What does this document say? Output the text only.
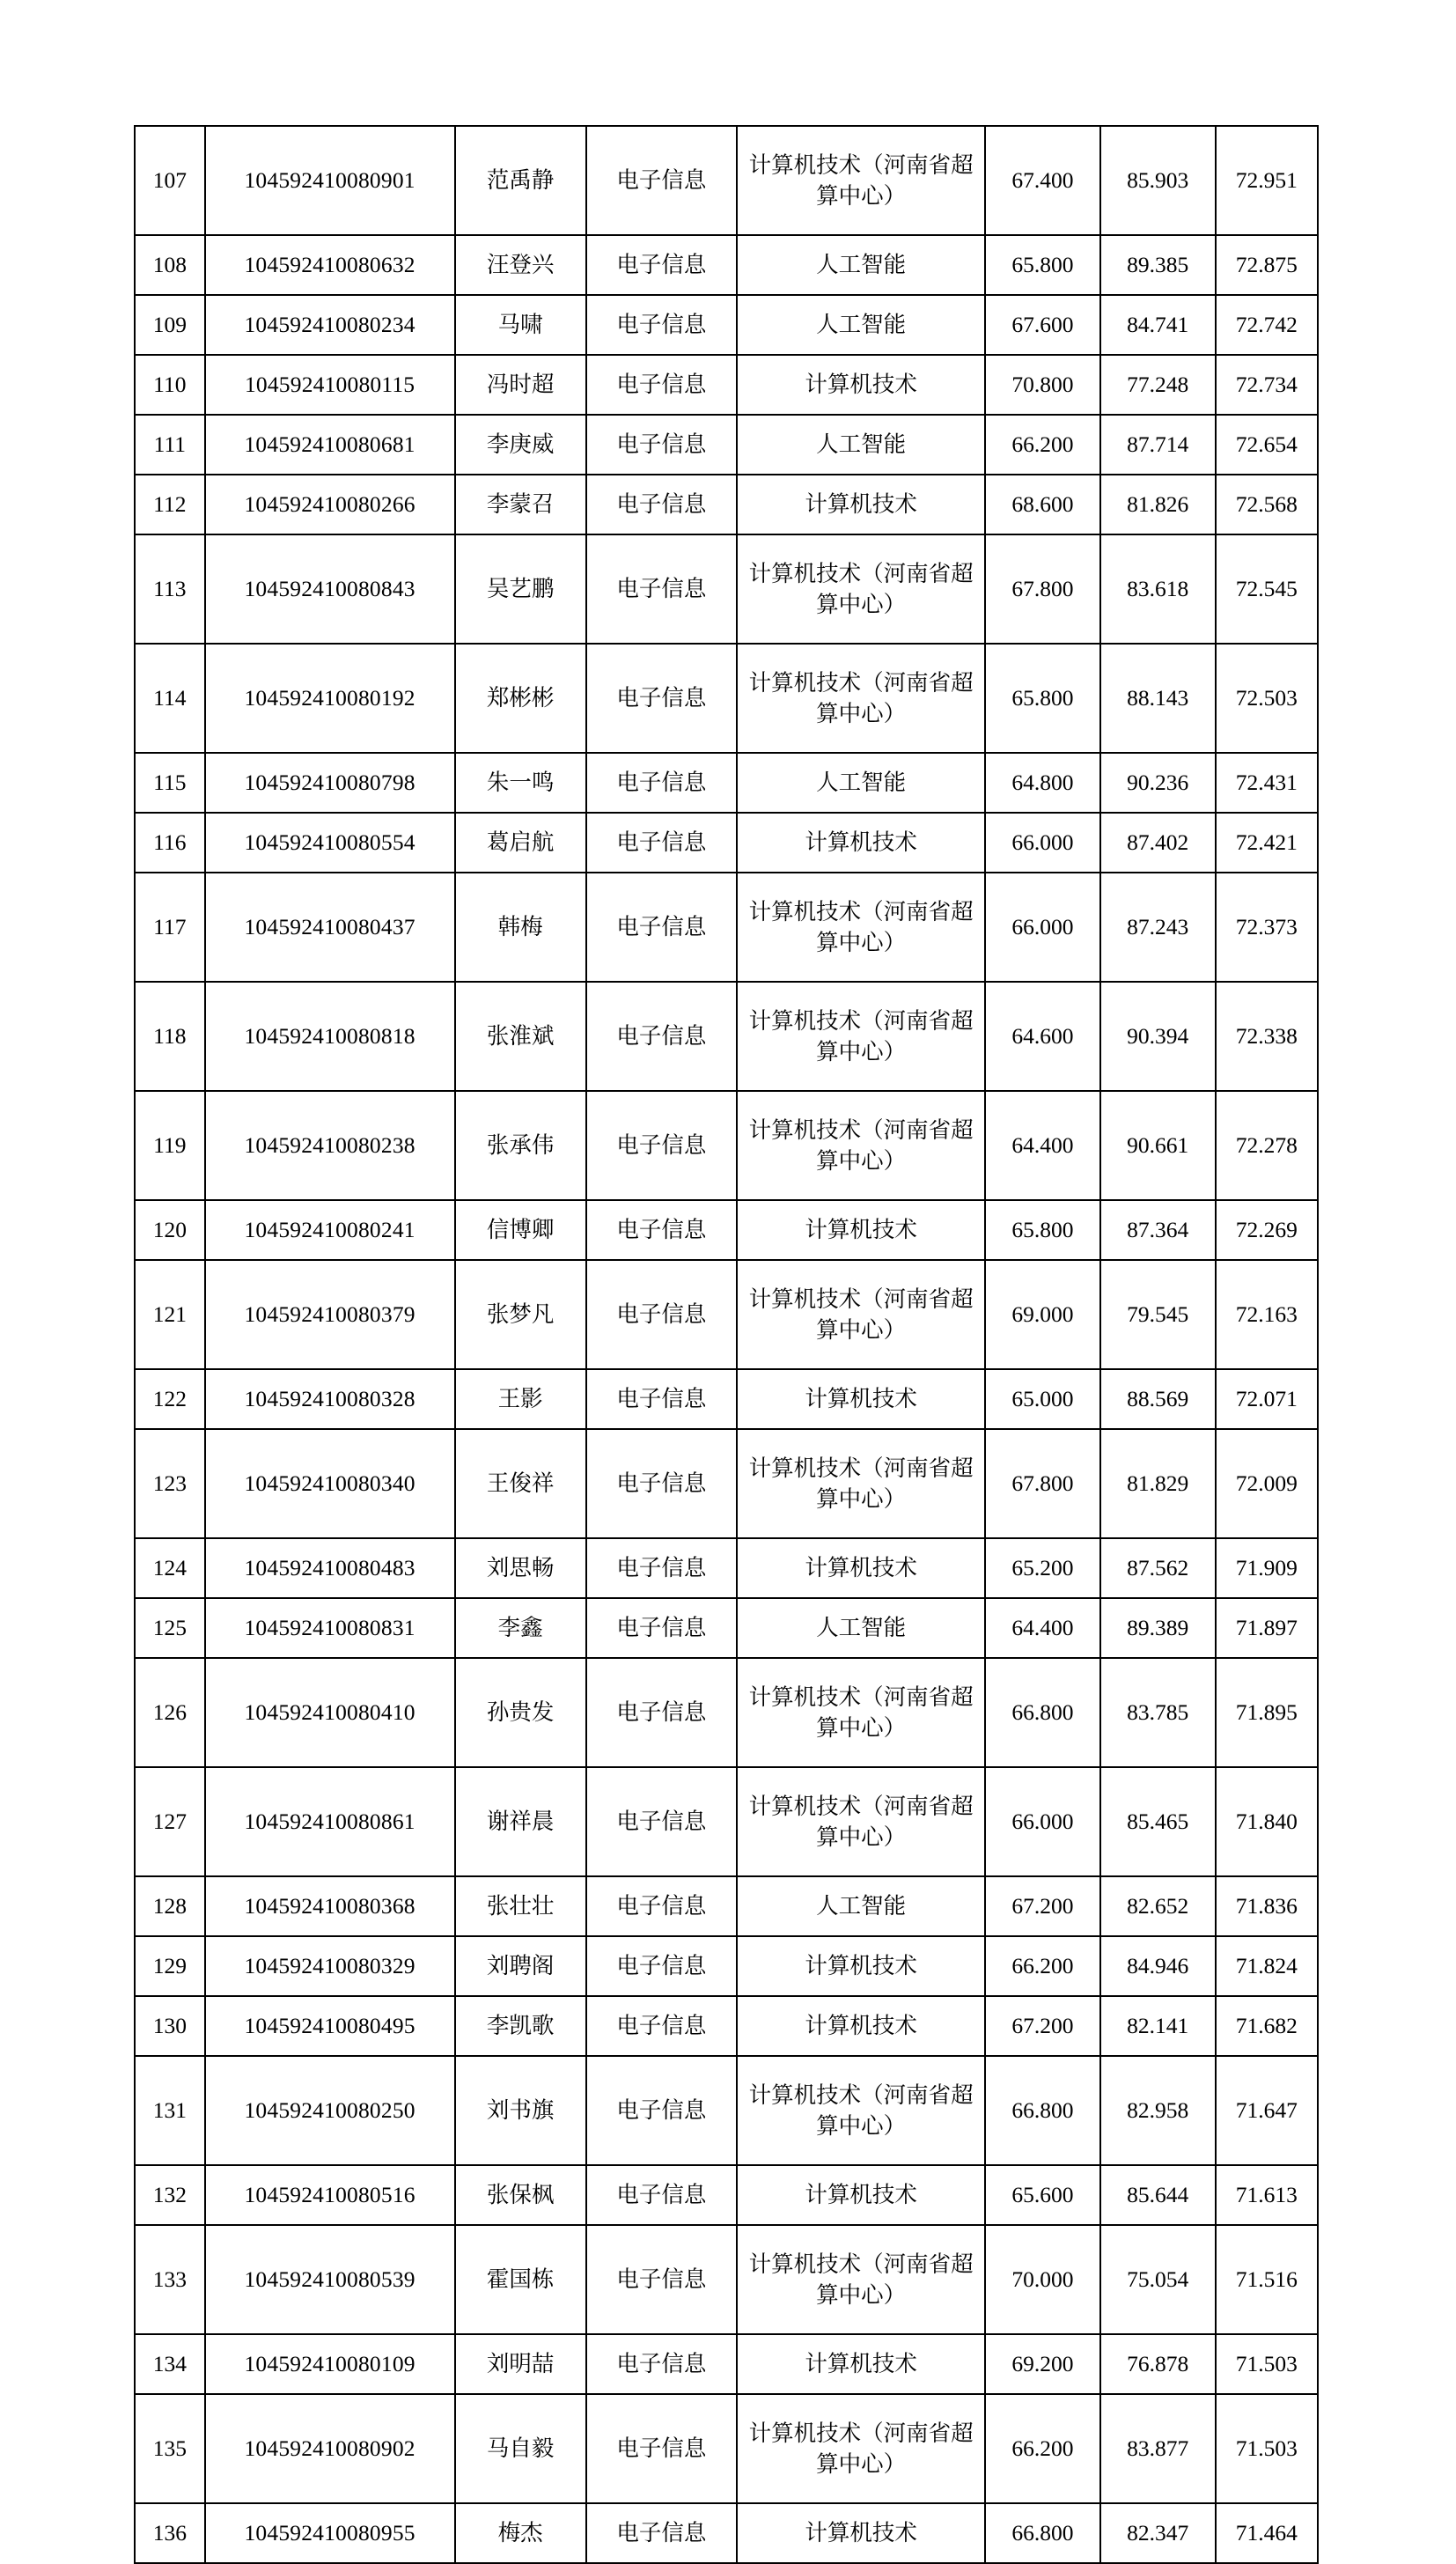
107	104592410080901	范禹静	电子信息	计算机技术（河南省超算中心）	67.400	85.903	72.951

108	104592410080632	汪登兴	电子信息	人工智能	65.800	89.385	72.875

109	104592410080234	马啸	电子信息	人工智能	67.600	84.741	72.742

110	104592410080115	冯时超	电子信息	计算机技术	70.800	77.248	72.734

111	104592410080681	李庚威	电子信息	人工智能	66.200	87.714	72.654

112	104592410080266	李蒙召	电子信息	计算机技术	68.600	81.826	72.568

113	104592410080843	吴艺鹏	电子信息	计算机技术（河南省超算中心）	67.800	83.618	72.545

114	104592410080192	郑彬彬	电子信息	计算机技术（河南省超算中心）	65.800	88.143	72.503

115	104592410080798	朱一鸣	电子信息	人工智能	64.800	90.236	72.431

116	104592410080554	葛启航	电子信息	计算机技术	66.000	87.402	72.421

117	104592410080437	韩梅	电子信息	计算机技术（河南省超算中心）	66.000	87.243	72.373

118	104592410080818	张淮斌	电子信息	计算机技术（河南省超算中心）	64.600	90.394	72.338

119	104592410080238	张承伟	电子信息	计算机技术（河南省超算中心）	64.400	90.661	72.278

120	104592410080241	信博卿	电子信息	计算机技术	65.800	87.364	72.269

121	104592410080379	张梦凡	电子信息	计算机技术（河南省超算中心）	69.000	79.545	72.163

122	104592410080328	王影	电子信息	计算机技术	65.000	88.569	72.071

123	104592410080340	王俊祥	电子信息	计算机技术（河南省超算中心）	67.800	81.829	72.009

124	104592410080483	刘思畅	电子信息	计算机技术	65.200	87.562	71.909

125	104592410080831	李鑫	电子信息	人工智能	64.400	89.389	71.897

126	104592410080410	孙贵发	电子信息	计算机技术（河南省超算中心）	66.800	83.785	71.895

127	104592410080861	谢祥晨	电子信息	计算机技术（河南省超算中心）	66.000	85.465	71.840

128	104592410080368	张壮壮	电子信息	人工智能	67.200	82.652	71.836

129	104592410080329	刘聘阁	电子信息	计算机技术	66.200	84.946	71.824

130	104592410080495	李凯歌	电子信息	计算机技术	67.200	82.141	71.682

131	104592410080250	刘书旗	电子信息	计算机技术（河南省超算中心）	66.800	82.958	71.647

132	104592410080516	张保枫	电子信息	计算机技术	65.600	85.644	71.613

133	104592410080539	霍国栋	电子信息	计算机技术（河南省超算中心）	70.000	75.054	71.516

134	104592410080109	刘明喆	电子信息	计算机技术	69.200	76.878	71.503

135	104592410080902	马自毅	电子信息	计算机技术（河南省超算中心）	66.200	83.877	71.503

136	104592410080955	梅杰	电子信息	计算机技术	66.800	82.347	71.464
